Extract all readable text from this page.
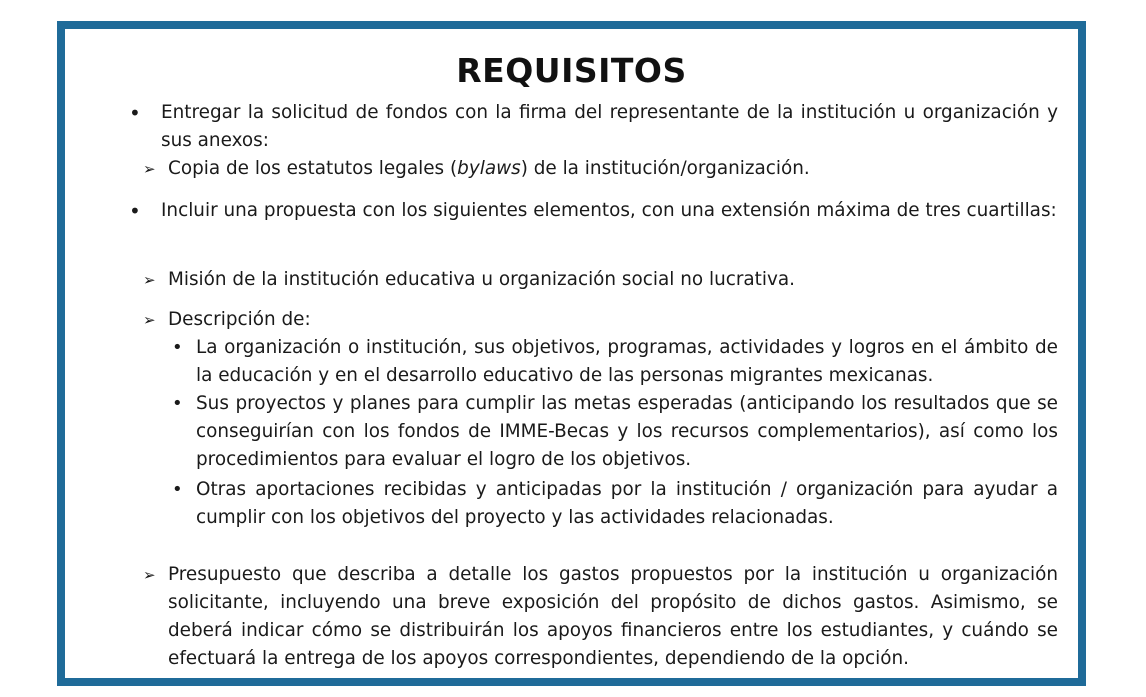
REQUISITOS
• Entregar la solicitud de fondos con la firma del representante de la institución u organización y sus anexos:
➢ Copia de los estatutos legales (bylaws) de la institución/organización.
• Incluir una propuesta con los siguientes elementos, con una extensión máxima de tres cuartillas:
➢ Misión de la institución educativa u organización social no lucrativa.
➢ Descripción de:
• La organización o institución, sus objetivos, programas, actividades y logros en el ámbito de la educación y en el desarrollo educativo de las personas migrantes mexicanas.
• Sus proyectos y planes para cumplir las metas esperadas (anticipando los resultados que se conseguirían con los fondos de IMME-Becas y los recursos complementarios), así como los procedimientos para evaluar el logro de los objetivos.
• Otras aportaciones recibidas y anticipadas por la institución / organización para ayudar a cumplir con los objetivos del proyecto y las actividades relacionadas.
➢ Presupuesto que describa a detalle los gastos propuestos por la institución u organización solicitante, incluyendo una breve exposición del propósito de dichos gastos. Asimismo, se deberá indicar cómo se distribuirán los apoyos financieros entre los estudiantes, y cuándo se efectuará la entrega de los apoyos correspondientes, dependiendo de la opción.
